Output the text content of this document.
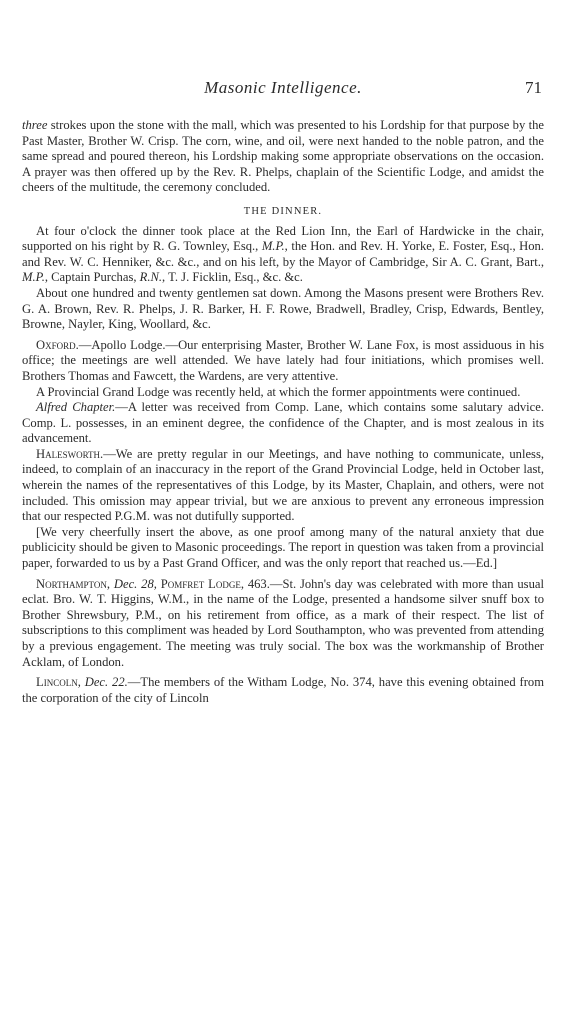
Masonic Intelligence.	71

three strokes upon the stone with the mall, which was presented to his Lordship for that purpose by the Past Master, Brother W. Crisp. The corn, wine, and oil, were next handed to the noble patron, and the same spread and poured thereon, his Lordship making some appropriate observations on the occasion. A prayer was then offered up by the Rev. R. Phelps, chaplain of the Scientific Lodge, and amidst the cheers of the multitude, the ceremony concluded.

THE DINNER.

At four o'clock the dinner took place at the Red Lion Inn, the Earl of Hardwicke in the chair, supported on his right by R. G. Townley, Esq., M.P., the Hon. and Rev. H. Yorke, E. Foster, Esq., Hon. and Rev. W. C. Henniker, &c. &c., and on his left, by the Mayor of Cambridge, Sir A. C. Grant, Bart., M.P., Captain Purchas, R.N., T. J. Ficklin, Esq., &c. &c.

About one hundred and twenty gentlemen sat down. Among the Masons present were Brothers Rev. G. A. Brown, Rev. R. Phelps, J. R. Barker, H. F. Rowe, Bradwell, Bradley, Crisp, Edwards, Bentley, Browne, Nayler, King, Woollard, &c.

Oxford.—Apollo Lodge.—Our enterprising Master, Brother W. Lane Fox, is most assiduous in his office; the meetings are well attended. We have lately had four initiations, which promises well. Brothers Thomas and Fawcett, the Wardens, are very attentive.

A Provincial Grand Lodge was recently held, at which the former appointments were continued.

Alfred Chapter.—A letter was received from Comp. Lane, which contains some salutary advice. Comp. L. possesses, in an eminent degree, the confidence of the Chapter, and is most zealous in its advancement.

Halesworth.—We are pretty regular in our Meetings, and have nothing to communicate, unless, indeed, to complain of an inaccuracy in the report of the Grand Provincial Lodge, held in October last, wherein the names of the representatives of this Lodge, by its Master, Chaplain, and others, were not included. This omission may appear trivial, but we are anxious to prevent any erroneous impression that our respected P.G.M. was not dutifully supported.

[We very cheerfully insert the above, as one proof among many of the natural anxiety that due publicicity should be given to Masonic proceedings. The report in question was taken from a provincial paper, forwarded to us by a Past Grand Officer, and was the only report that reached us.—Ed.]

Northampton, Dec. 28, Pomfret Lodge, 463.—St. John's day was celebrated with more than usual eclat. Bro. W. T. Higgins, W.M., in the name of the Lodge, presented a handsome silver snuff box to Brother Shrewsbury, P.M., on his retirement from office, as a mark of their respect. The list of subscriptions to this compliment was headed by Lord Southampton, who was prevented from attending by a previous engagement. The meeting was truly social. The box was the workmanship of Brother Acklam, of London.

Lincoln, Dec. 22.—The members of the Witham Lodge, No. 374, have this evening obtained from the corporation of the city of Lincoln
